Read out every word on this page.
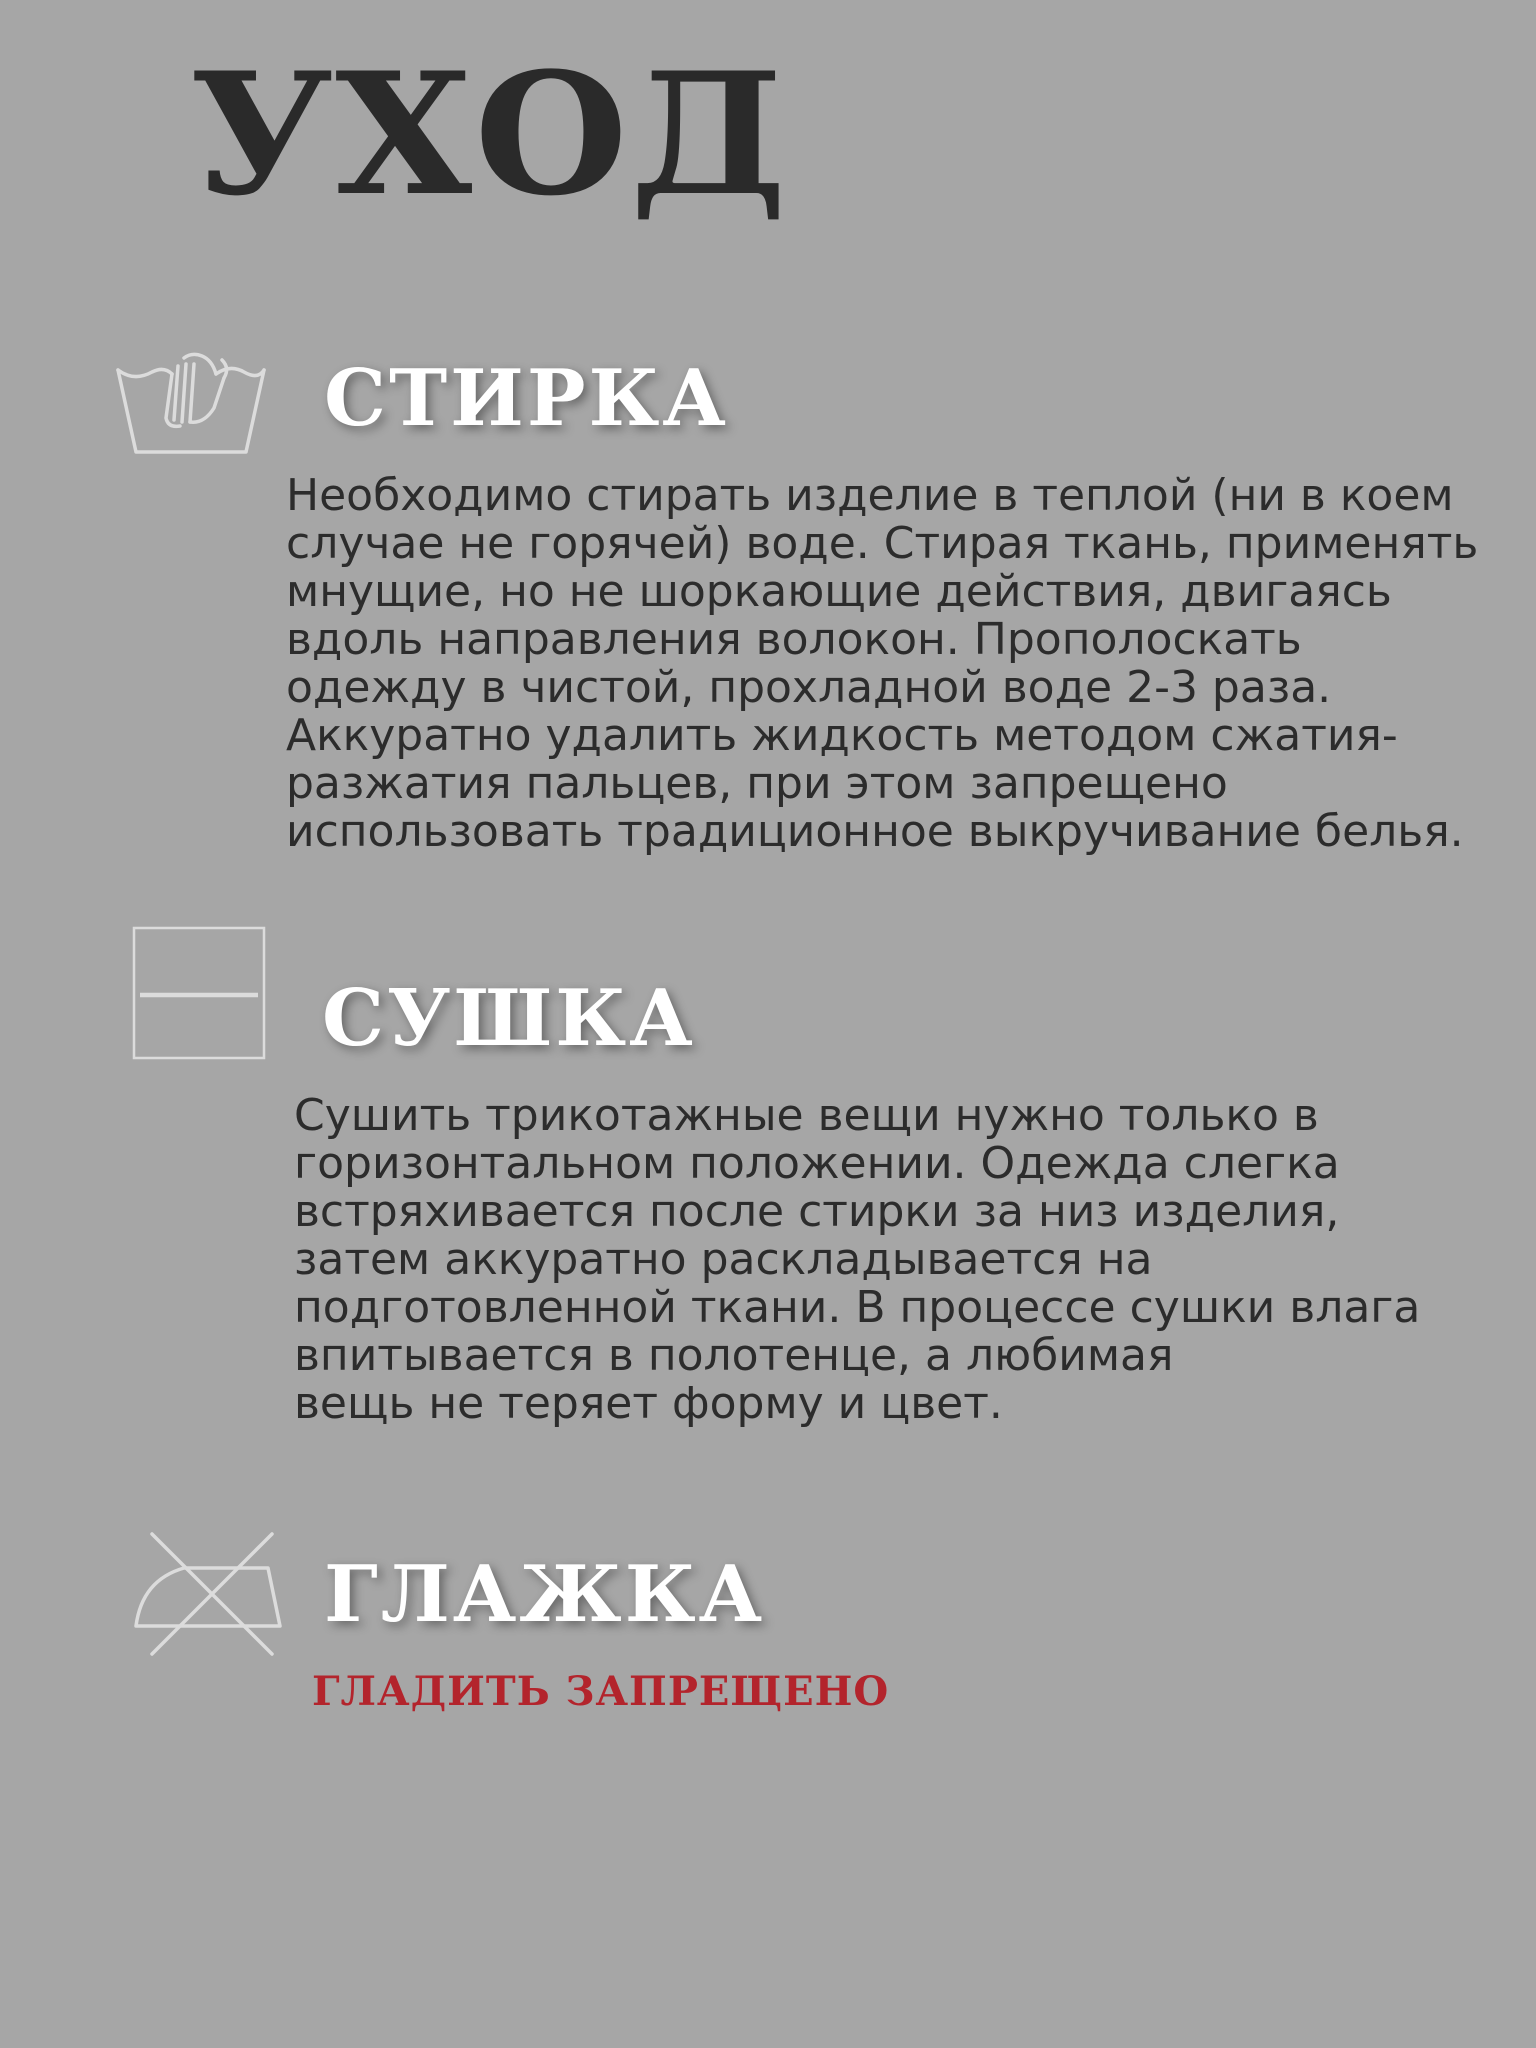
УХОД
СТИРКА

Необходимо стирать изделие в теплой (ни в коем
случае не горячей) воде. Стирая ткань, применять
мнущие, но не шоркающие действия, двигаясь
вдоль направления волокон. Прополоскать
одежду в чистой, прохладной воде 2-3 раза.
Аккуратно удалить жидкость методом сжатия-
разжатия пальцев, при этом запрещено
использовать традиционное выкручивание белья.

СУШКА

Сушить трикотажные вещи нужно только в
горизонтальном положении. Одежда слегка
встряхивается после стирки за низ изделия,
затем аккуратно раскладывается на
подготовленной ткани. В процессе сушки влага
впитывается в полотенце, а любимая
вещь не теряет форму и цвет.

ГЛАЖКА

ГЛАДИТЬ ЗАПРЕЩЕНО
